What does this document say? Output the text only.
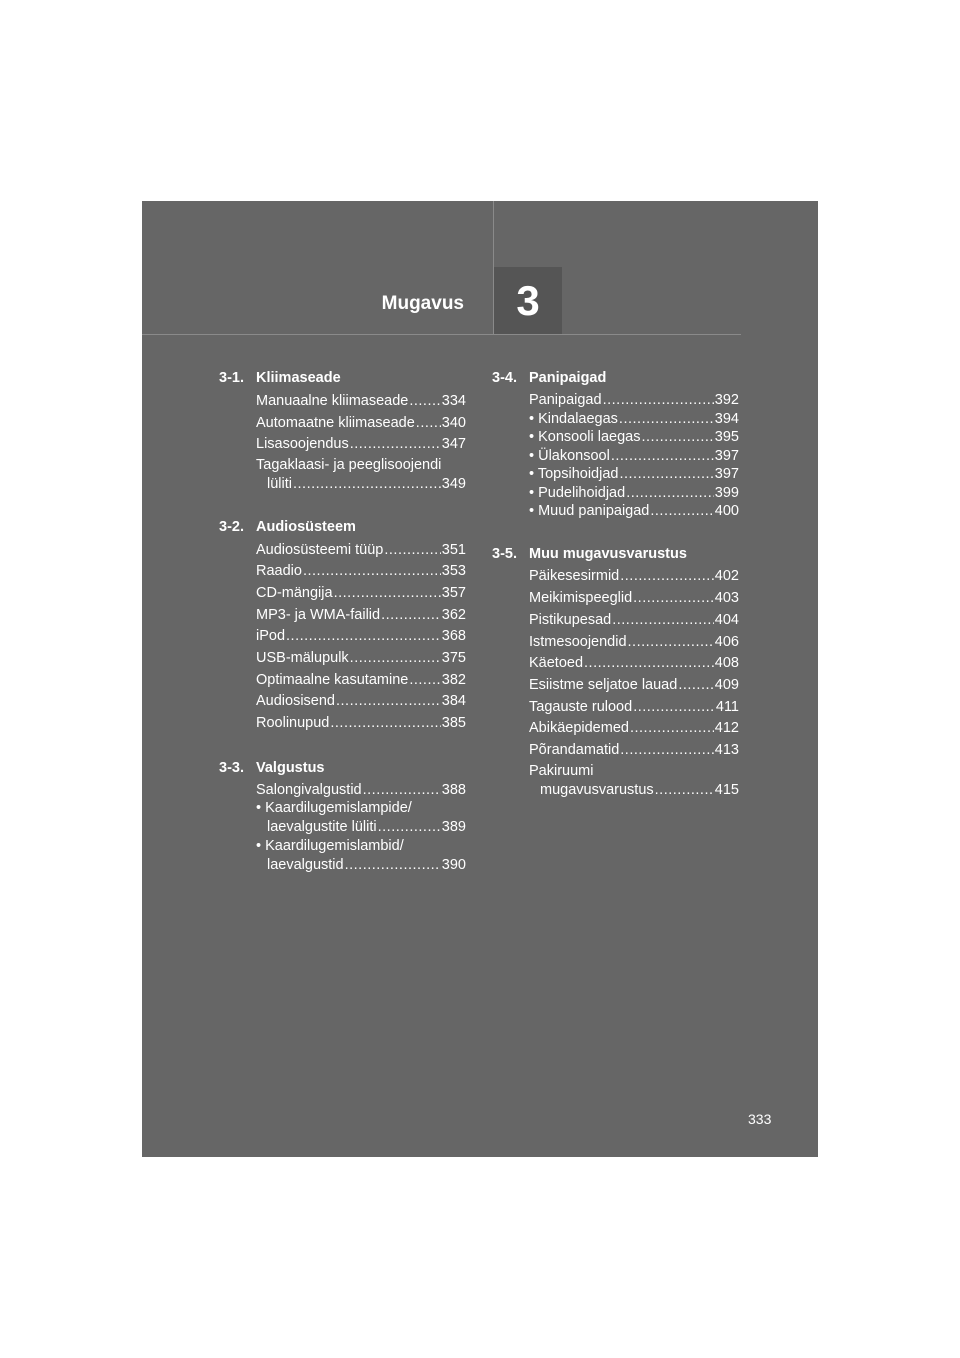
Mugavus	3
3-1. Kliimaseade
Manuaalne kliimaseade ..... 334
Automaatne kliimaseade ..... 340
Lisasoojendus .....	347
Tagaklaasi- ja peeglisoojendi
lüliti .....	349
3-2. Audiosüsteem
Audiosüsteemi tüüp .....	351
Raadio .....	353
CD-mängija .....	357
MP3- ja WMA-failid .....	362
iPod .....	368
USB-mälupulk .....	375
Optimaalne kasutamine ..... 382
Audiosisend .....	384
Roolinupud .....	385
3-3. Valgustus
Salongivalgustid .....	388
• Kaardilugemislampide/
laevalgustite lüliti .....	389
• Kaardilugemislambid/
laevalgustid .....	390
3-4. Panipaigad
Panipaigad .....	392
• Kindalaegas .....	394
• Konsooli laegas .....	395
• Ülakonsool .....	397
• Topsihoidjad .....	397
• Pudelihoidjad .....	399
• Muud panipaigad .....	400
3-5. Muu mugavusvarustus
Päikesesirmid .....	402
Meikimispeeglid .....	403
Pistikupesad .....	404
Istmesoojendid .....	406
Käetoed .....	408
Esiistme seljatoe lauad .....	409
Tagauste rulood .....	411
Abikäepidemed .....	412
Põrandamatid .....	413
Pakiruumi
mugavusvarustus .....	415
333
